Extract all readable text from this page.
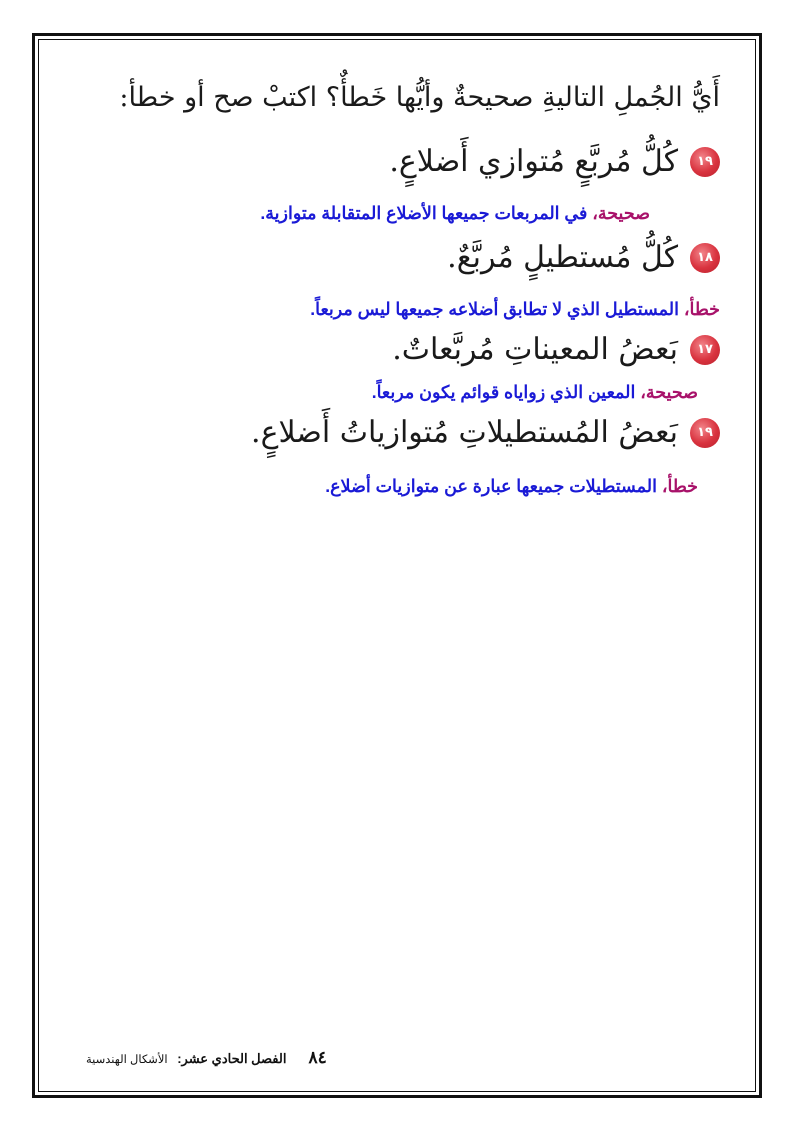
أَيُّ الجُملِ التاليةِ صحيحةٌ وأيُّها خَطأٌ؟ اكتبْ صح أو خطأ:
١٩
كُلُّ مُربَّعٍ مُتوازي أَضلاعٍ.
صحيحة، في المربعات جميعها الأضلاع المتقابلة متوازية.
١٨
كُلُّ مُستطيلٍ مُربَّعٌ.
خطأ، المستطيل الذي لا تطابق أضلاعه جميعها ليس مربعاً.
١٧
بَعضُ المعيناتِ مُربَّعاتٌ.
صحيحة، المعين الذي زواياه قوائم يكون مربعاً.
١٩
بَعضُ المُستطيلاتِ مُتوازياتُ أَضلاعٍ.
خطأ، المستطيلات جميعها عبارة عن متوازيات أضلاع.
٨٤
الفصل الحادي عشر: الأشكال الهندسية
